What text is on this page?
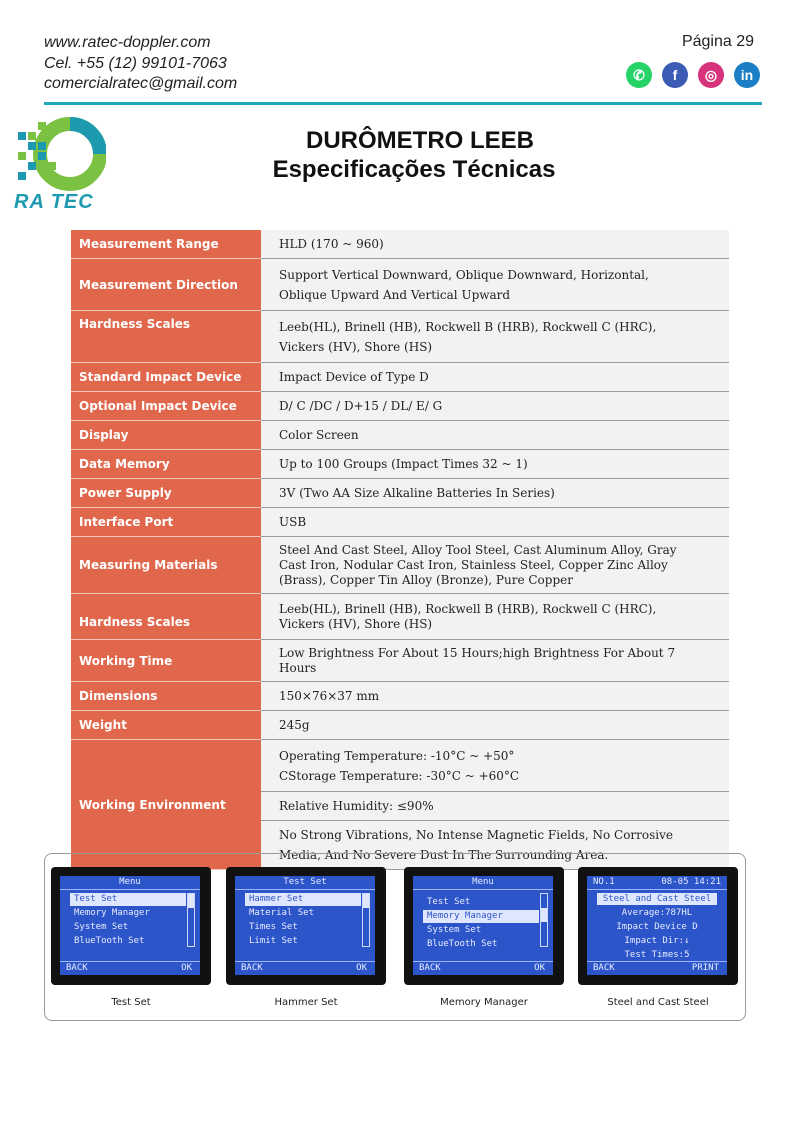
www.ratec-doppler.com
Cel. +55 (12) 99101-7063
comercialratec@gmail.com
Página 29
✆	f	◎	in
RA TEC
DURÔMETRO LEEB
Especificações Técnicas
Measurement Range	HLD (170 ~ 960)
Measurement Direction	Support Vertical Downward, Oblique Downward, Horizontal,
Oblique Upward And Vertical Upward

Hardness Scales	Leeb(HL), Brinell (HB), Rockwell B (HRB), Rockwell C (HRC),
Vickers (HV), Shore (HS)

Standard Impact Device	Impact Device of Type D
Optional Impact Device	D/ C /DC / D+15 / DL/ E/ G
Display	Color Screen
Data Memory	Up to 100 Groups (Impact Times 32 ~ 1)
Power Supply	3V (Two AA Size Alkaline Batteries In Series)
Interface Port	USB
Measuring Materials	Steel And Cast Steel, Alloy Tool Steel, Cast Aluminum Alloy, Gray
Cast Iron, Nodular Cast Iron, Stainless Steel, Copper Zinc Alloy
(Brass), Copper Tin Alloy (Bronze), Pure Copper

Hardness Scales	Leeb(HL), Brinell (HB), Rockwell B (HRB), Rockwell C (HRC),
Vickers (HV), Shore (HS)

Working Time	Low Brightness For About 15 Hours;high Brightness For About 7
Hours

Dimensions	150×76×37 mm
Weight	245g
Working Environment	Operating Temperature: -10°C ~ +50°
CStorage Temperature: -30°C ~ +60°C

	Relative Humidity: ≤90%

	No Strong Vibrations, No Intense Magnetic Fields, No Corrosive
Media, And No Severe Dust In The Surrounding Area.
Menu
Test Set
Memory Manager
System Set
BlueTooth Set
BACK	OK
Test Set
Hammer Set
Material Set
Times Set
Limit Set
BACK	OK
Menu
Test Set
Memory Manager
System Set
BlueTooth Set
BACK	OK
NO.1	08-05 14:21
Steel and Cast Steel
Average:787HL
Impact Device D
Impact Dir:↓
Test Times:5
BACK	PRINT
Test Set	Hammer Set	Memory Manager	Steel and Cast Steel
